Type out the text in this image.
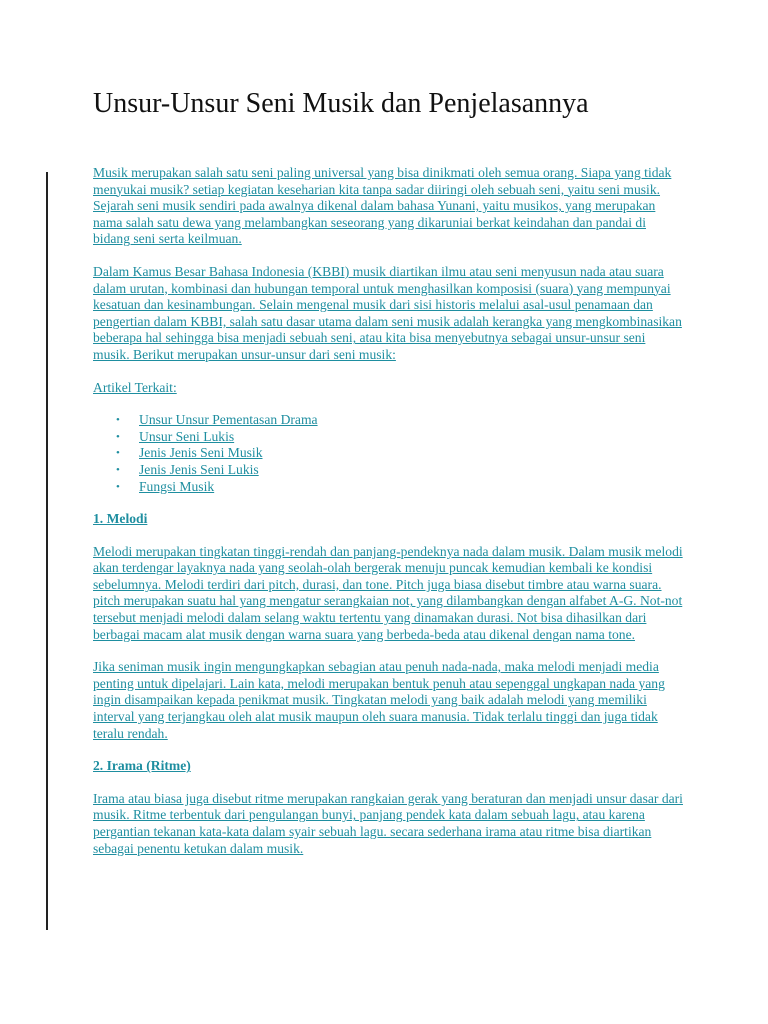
Unsur-Unsur Seni Musik dan Penjelasannya

Musik merupakan salah satu seni paling universal yang bisa dinikmati oleh semua orang. Siapa yang tidak menyukai musik? setiap kegiatan keseharian kita tanpa sadar diiringi oleh sebuah seni, yaitu seni musik. Sejarah seni musik sendiri pada awalnya dikenal dalam bahasa Yunani, yaitu musikos, yang merupakan nama salah satu dewa yang melambangkan seseorang yang dikaruniai berkat keindahan dan pandai di bidang seni serta keilmuan.

Dalam Kamus Besar Bahasa Indonesia (KBBI) musik diartikan ilmu atau seni menyusun nada atau suara dalam urutan, kombinasi dan hubungan temporal untuk menghasilkan komposisi (suara) yang mempunyai kesatuan dan kesinambungan. Selain mengenal musik dari sisi historis melalui asal-usul penamaan dan pengertian dalam KBBI, salah satu dasar utama dalam seni musik adalah kerangka yang mengkombinasikan beberapa hal sehingga bisa menjadi sebuah seni, atau kita bisa menyebutnya sebagai unsur-unsur seni musik. Berikut merupakan unsur-unsur dari seni musik:

Artikel Terkait:

• Unsur Unsur Pementasan Drama
• Unsur Seni Lukis
• Jenis Jenis Seni Musik
• Jenis Jenis Seni Lukis
• Fungsi Musik

1. Melodi

Melodi merupakan tingkatan tinggi-rendah dan panjang-pendeknya nada dalam musik. Dalam musik melodi akan terdengar layaknya nada yang seolah-olah bergerak menuju puncak kemudian kembali ke kondisi sebelumnya. Melodi terdiri dari pitch, durasi, dan tone. Pitch juga biasa disebut timbre atau warna suara. pitch merupakan suatu hal yang mengatur serangkaian not, yang dilambangkan dengan alfabet A-G. Not-not tersebut menjadi melodi dalam selang waktu tertentu yang dinamakan durasi. Not bisa dihasilkan dari berbagai macam alat musik dengan warna suara yang berbeda-beda atau dikenal dengan nama tone.

Jika seniman musik ingin mengungkapkan sebagian atau penuh nada-nada, maka melodi menjadi media penting untuk dipelajari. Lain kata, melodi merupakan bentuk penuh atau sepenggal ungkapan nada yang ingin disampaikan kepada penikmat musik. Tingkatan melodi yang baik adalah melodi yang memiliki interval yang terjangkau oleh alat musik maupun oleh suara manusia. Tidak terlalu tinggi dan juga tidak teralu rendah.

2. Irama (Ritme)

Irama atau biasa juga disebut ritme merupakan rangkaian gerak yang beraturan dan menjadi unsur dasar dari musik. Ritme terbentuk dari pengulangan bunyi, panjang pendek kata dalam sebuah lagu, atau karena pergantian tekanan kata-kata dalam syair sebuah lagu. secara sederhana irama atau ritme bisa diartikan sebagai penentu ketukan dalam musik.
